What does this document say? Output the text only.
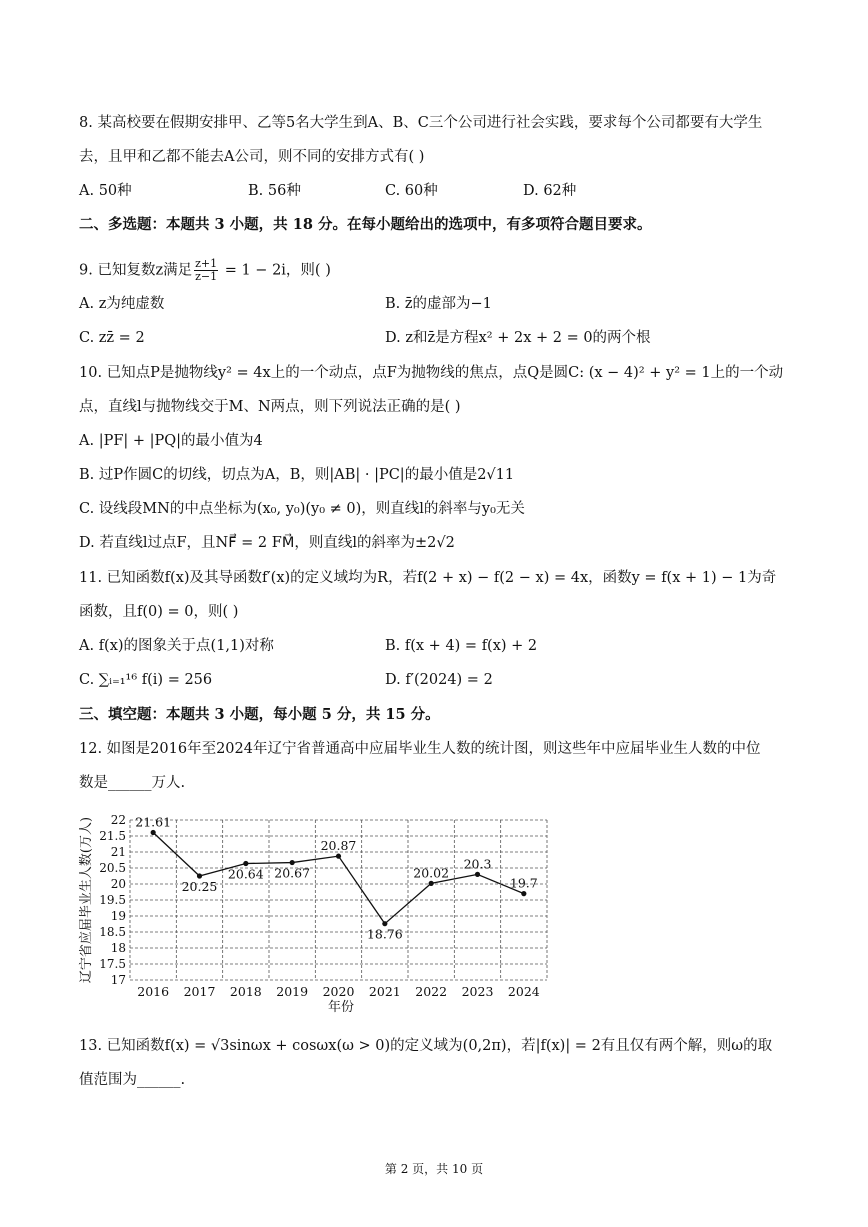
8. 某高校要在假期安排甲、乙等5名大学生到A、B、C三个公司进行社会实践，要求每个公司都要有大学生
去，且甲和乙都不能去A公司，则不同的安排方式有( )
A. 50种	B. 56种	C. 60种	D. 62种
二、多选题：本题共 3 小题，共 18 分。在每小题给出的选项中，有多项符合题目要求。
9. 已知复数z满足 $\frac{z+1}{z-1} = 1 - 2i$，则( )
A. z为纯虚数	B. z̄的虚部为−1
C. zz̄ = 2	D. z和z̄是方程x² + 2x + 2 = 0的两个根
10. 已知点P是抛物线y² = 4x上的一个动点，点F为抛物线的焦点，点Q是圆C: (x − 4)² + y² = 1上的一个动
点，直线l与抛物线交于M、N两点，则下列说法正确的是( )
A. |PF| + |PQ|的最小值为4
B. 过P作圆C的切线，切点为A，B，则|AB| · |PC|的最小值是2√11
C. 设线段MN的中点坐标为(x₀, y₀)(y₀ ≠ 0)，则直线l的斜率与y₀无关
D. 若直线l过点F，且NF⃗ = 2 FM⃗，则直线l的斜率为±2√2
11. 已知函数f(x)及其导函数f′(x)的定义域均为R，若f(2 + x) − f(2 − x) = 4x，函数y = f(x + 1) − 1为奇
函数，且f(0) = 0，则( )
A. f(x)的图象关于点(1,1)对称	B. f(x + 4) = f(x) + 2
C. ∑ᵢ₌₁¹⁶ f(i) = 256	D. f′(2024) = 2
三、填空题：本题共 3 小题，每小题 5 分，共 15 分。
12. 如图是2016年至2024年辽宁省普通高中应届毕业生人数的统计图，则这些年中应届毕业生人数的中位
数是______万人.
17
17.5
18
18.5
19
19.5
20
20.5
21
21.5
22
2016 2017 2018 2019 2020 2021 2022 2023 2024
21.61
20.25
20.64 20.67
20.87
18.76
20.02
20.3
19.7
年份
辽宁省应届毕业生人数(万人)
13. 已知函数f(x) = √3sinωx + cosωx(ω > 0)的定义域为(0,2π)，若|f(x)| = 2有且仅有两个解，则ω的取
值范围为______.
第 2 页，共 10 页
